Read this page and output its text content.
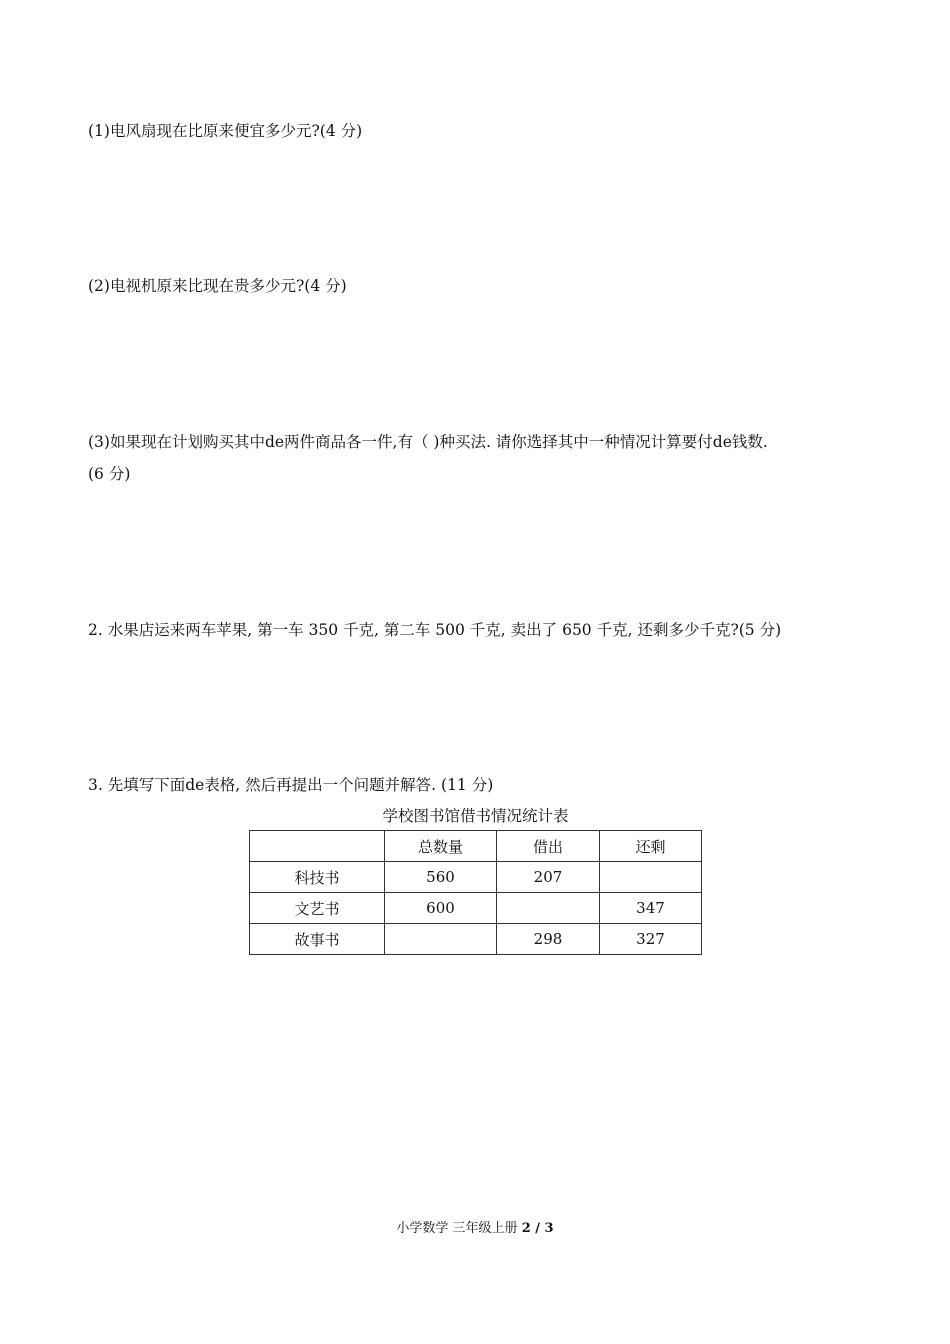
(1)电风扇现在比原来便宜多少元?(4 分)
(2)电视机原来比现在贵多少元?(4 分)
(3)如果现在计划购买其中de两件商品各一件,有（ )种买法. 请你选择其中一种情况计算要付de钱数.
(6 分)
2. 水果店运来两车苹果, 第一车 350 千克, 第二车 500 千克, 卖出了 650 千克, 还剩多少千克?(5 分)
3. 先填写下面de表格, 然后再提出一个问题并解答. (11 分)
学校图书馆借书情况统计表
	总数量	借出	还剩
科技书	560	207	
文艺书	600		347
故事书		298	327
小学数学 三年级上册 2 / 3
